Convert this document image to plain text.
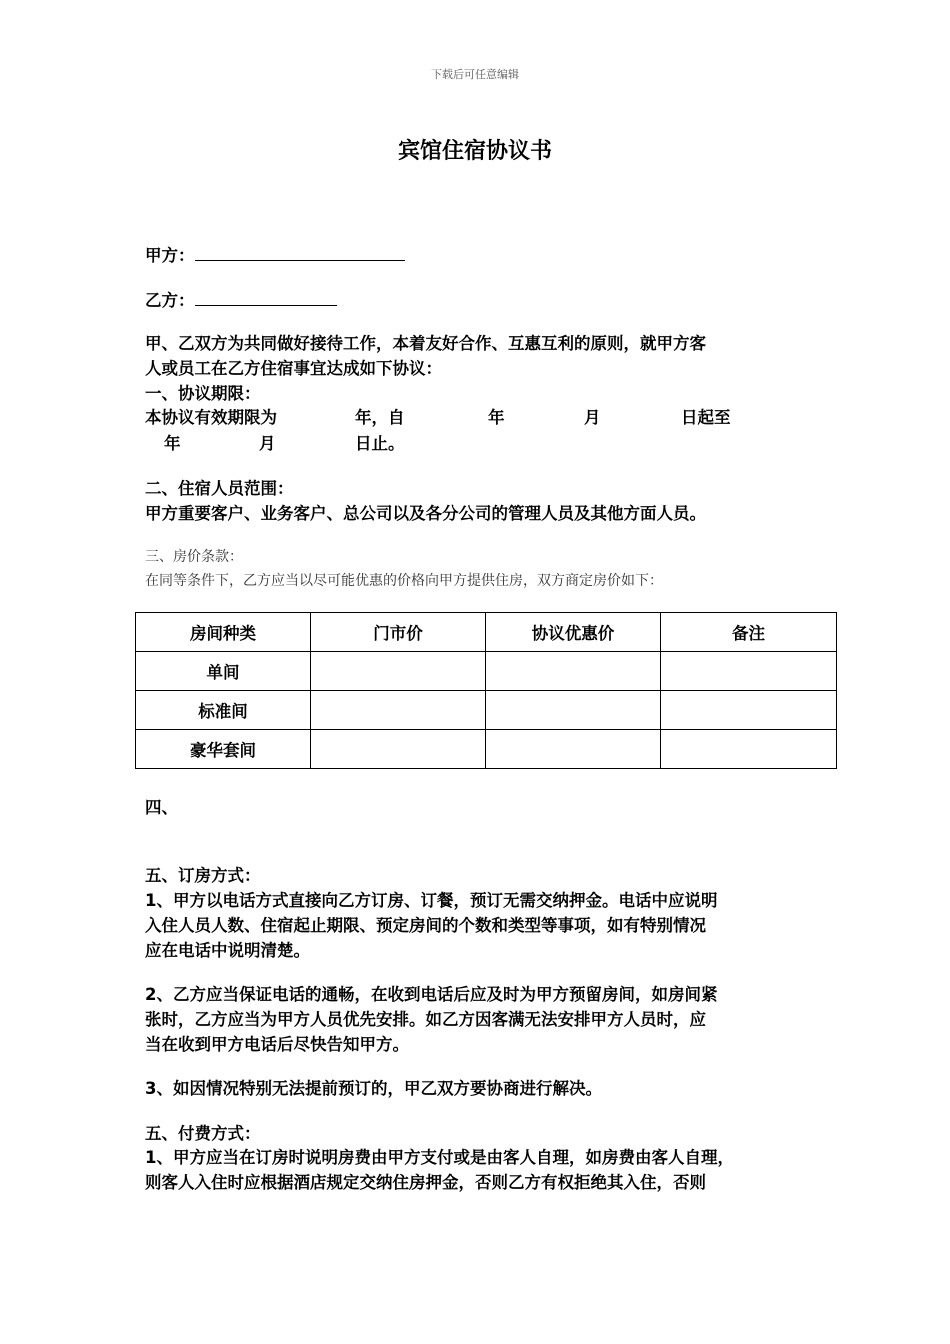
下载后可任意编辑
宾馆住宿协议书
甲方：
乙方：
甲、乙双方为共同做好接待工作，本着友好合作、互惠互利的原则，就甲方客
人或员工在乙方住宿事宜达成如下协议：
一、协议期限：
本协议有效期限为	年，自	年	月	日起至
年	月	日止。
二、住宿人员范围：
甲方重要客户、业务客户、总公司以及各分公司的管理人员及其他方面人员。
三、房价条款：
在同等条件下，乙方应当以尽可能优惠的价格向甲方提供住房，双方商定房价如下：
房间种类	门市价	协议优惠价	备注
单间			
标准间			
豪华套间			
四、
五、订房方式：
1、甲方以电话方式直接向乙方订房、订餐，预订无需交纳押金。电话中应说明
入住人员人数、住宿起止期限、预定房间的个数和类型等事项，如有特别情况
应在电话中说明清楚。
2、乙方应当保证电话的通畅，在收到电话后应及时为甲方预留房间，如房间紧
张时，乙方应当为甲方人员优先安排。如乙方因客满无法安排甲方人员时，应
当在收到甲方电话后尽快告知甲方。
3、如因情况特别无法提前预订的，甲乙双方要协商进行解决。
五、付费方式：
1、甲方应当在订房时说明房费由甲方支付或是由客人自理，如房费由客人自理，
则客人入住时应根据酒店规定交纳住房押金，否则乙方有权拒绝其入住，否则
